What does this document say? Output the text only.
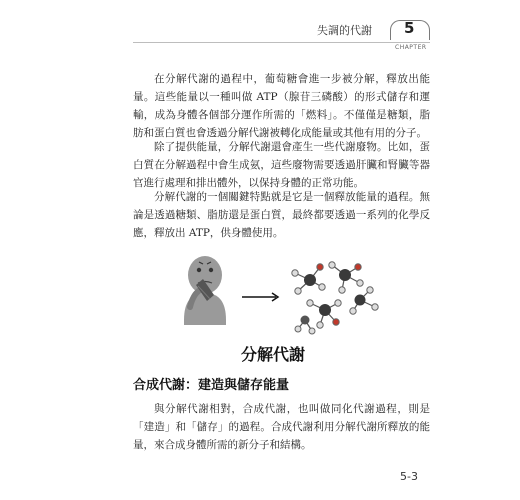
失調的代謝 5
CHAPTER

在分解代謝的過程中，葡萄糖會進一步被分解，釋放出能量。這些能量以一種叫做 ATP（腺苷三磷酸）的形式儲存和運輸，成為身體各個部分運作所需的「燃料」。不僅僅是糖類，脂肪和蛋白質也會透過分解代謝被轉化成能量或其他有用的分子。

除了提供能量，分解代謝還會產生一些代謝廢物。比如，蛋白質在分解過程中會生成氨，這些廢物需要透過肝臟和腎臟等器官進行處理和排出體外，以保持身體的正常功能。

分解代謝的一個關鍵特點就是它是一個釋放能量的過程。無論是透過糖類、脂肪還是蛋白質，最終都要透過一系列的化學反應，釋放出 ATP，供身體使用。

分解代謝
合成代謝：建造與儲存能量

與分解代謝相對，合成代謝，也叫做同化代謝過程，則是「建造」和「儲存」的過程。合成代謝利用分解代謝所釋放的能量，來合成身體所需的新分子和結構。

5-3
